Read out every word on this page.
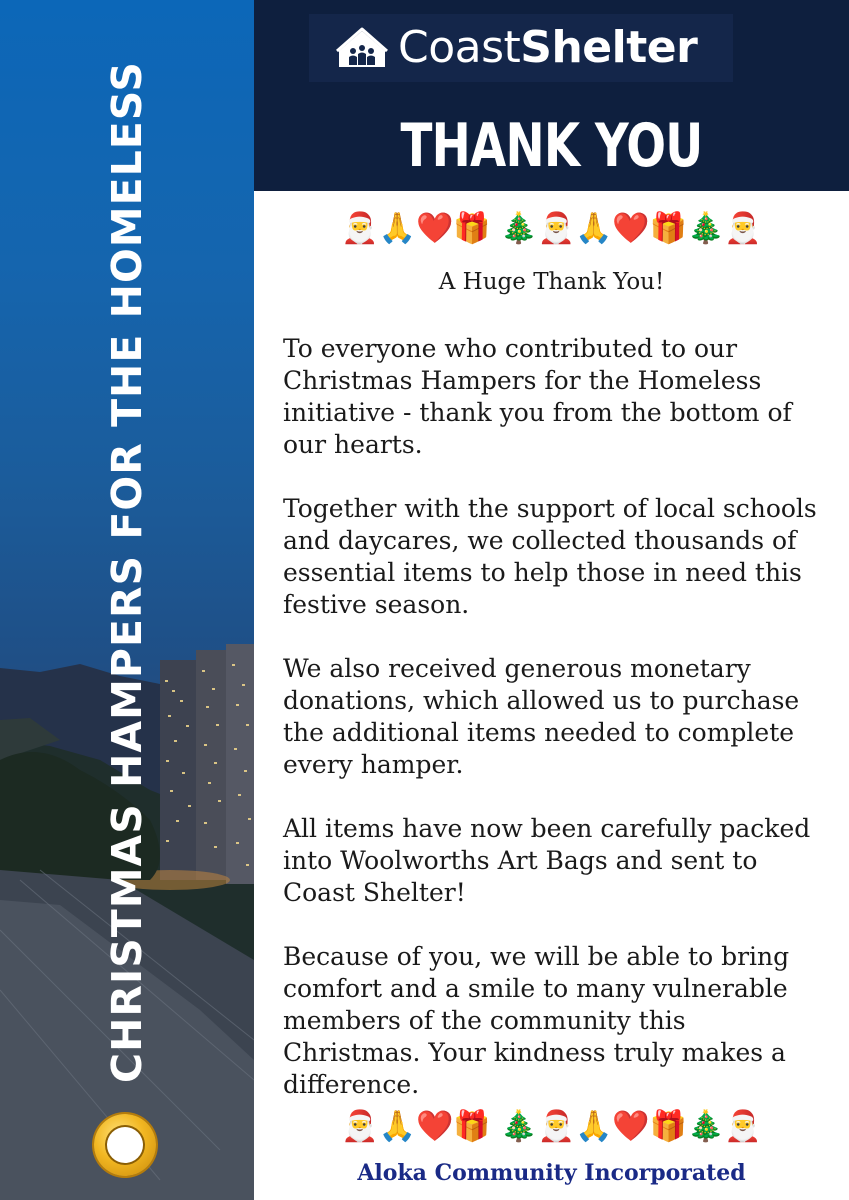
CHRISTMAS HAMPERS FOR THE HOMELESS
CoastShelter
THANK YOU
🎅🙏❤️🎁 🎄🎅🙏❤️🎁🎄🎅
A Huge Thank You!

To everyone who contributed to our Christmas Hampers for the Homeless initiative - thank you from the bottom of our hearts.

Together with the support of local schools and daycares, we collected thousands of essential items to help those in need this festive season.

We also received generous monetary donations, which allowed us to purchase the additional items needed to complete every hamper.

All items have now been carefully packed into Woolworths Art Bags and sent to Coast Shelter!

Because of you, we will be able to bring comfort and a smile to many vulnerable members of the community this Christmas. Your kindness truly makes a difference.

🎅🙏❤️🎁 🎄🎅🙏❤️🎁🎄🎅
Aloka Community Incorporated
